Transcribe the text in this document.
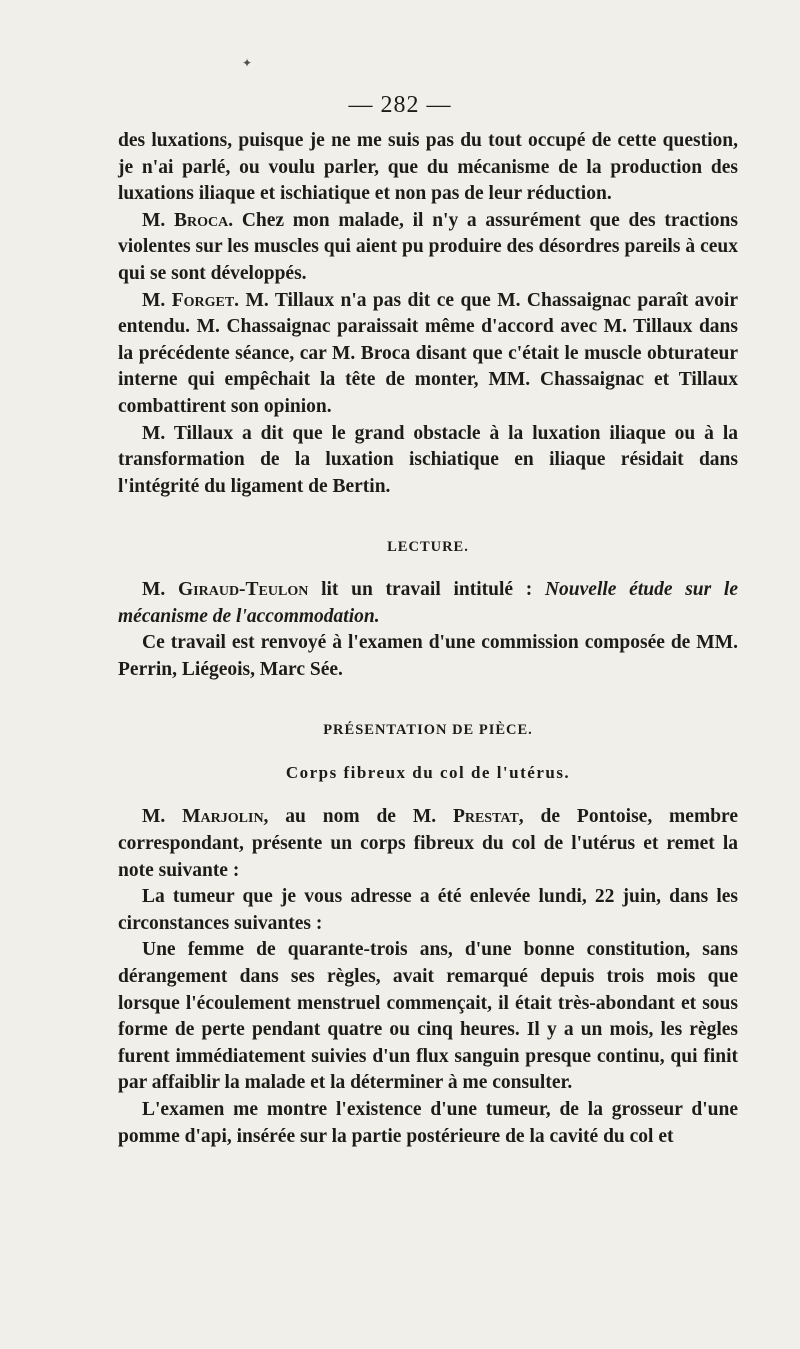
✦
— 282 —

des luxations, puisque je ne me suis pas du tout occupé de cette question, je n'ai parlé, ou voulu parler, que du mécanisme de la production des luxations iliaque et ischiatique et non pas de leur réduction.

M. Broca. Chez mon malade, il n'y a assurément que des tractions violentes sur les muscles qui aient pu produire des désordres pareils à ceux qui se sont développés.

M. Forget. M. Tillaux n'a pas dit ce que M. Chassaignac paraît avoir entendu. M. Chassaignac paraissait même d'accord avec M. Tillaux dans la précédente séance, car M. Broca disant que c'était le muscle obturateur interne qui empêchait la tête de monter, MM. Chassaignac et Tillaux combattirent son opinion.

M. Tillaux a dit que le grand obstacle à la luxation iliaque ou à la transformation de la luxation ischiatique en iliaque résidait dans l'intégrité du ligament de Bertin.

LECTURE.

M. Giraud-Teulon lit un travail intitulé : Nouvelle étude sur le mécanisme de l'accommodation.

Ce travail est renvoyé à l'examen d'une commission composée de MM. Perrin, Liégeois, Marc Sée.

PRÉSENTATION DE PIÈCE.
Corps fibreux du col de l'utérus.

M. Marjolin, au nom de M. Prestat, de Pontoise, membre correspondant, présente un corps fibreux du col de l'utérus et remet la note suivante :

La tumeur que je vous adresse a été enlevée lundi, 22 juin, dans les circonstances suivantes :

Une femme de quarante-trois ans, d'une bonne constitution, sans dérangement dans ses règles, avait remarqué depuis trois mois que lorsque l'écoulement menstruel commençait, il était très-abondant et sous forme de perte pendant quatre ou cinq heures. Il y a un mois, les règles furent immédiatement suivies d'un flux sanguin presque continu, qui finit par affaiblir la malade et la déterminer à me consulter.

L'examen me montre l'existence d'une tumeur, de la grosseur d'une pomme d'api, insérée sur la partie postérieure de la cavité du col et
